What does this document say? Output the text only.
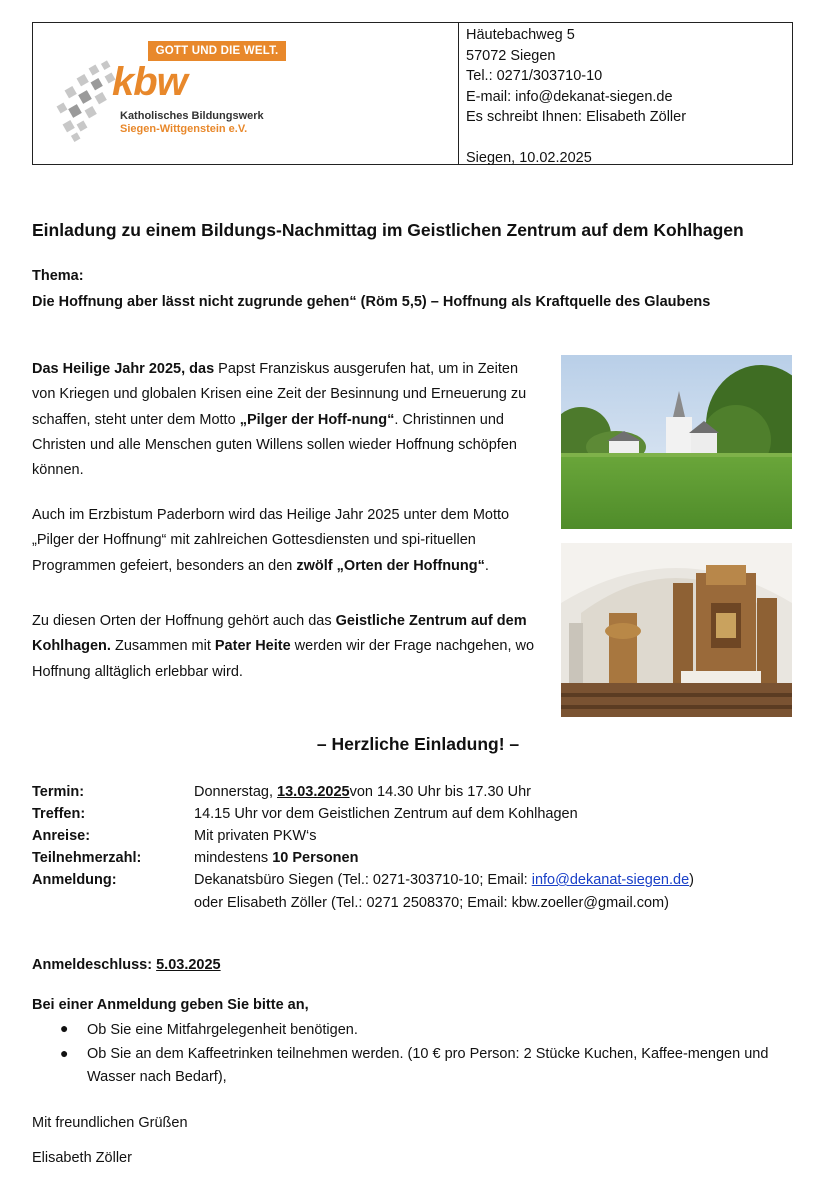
GOTT UND DIE WELT.
kbw
Katholisches Bildungswerk
Siegen-Wittgenstein e.V.
Häutebachweg 5
57072 Siegen
Tel.: 0271/303710-10
E-mail: info@dekanat-siegen.de
Es schreibt Ihnen: Elisabeth Zöller
Siegen, 10.02.2025
Einladung zu einem Bildungs-Nachmittag im Geistlichen Zentrum auf dem Kohlhagen
Thema:
Die Hoffnung aber lässt nicht zugrunde gehen“ (Röm 5,5) – Hoffnung als Kraftquelle des Glaubens
Das Heilige Jahr 2025, das Papst Franziskus ausgerufen hat, um in Zeiten von Kriegen und globalen Krisen eine Zeit der Besinnung und Erneuerung zu schaffen, steht unter dem Motto „Pilger der Hoff-nung“. Christinnen und Christen und alle Menschen guten Willens sollen wieder Hoffnung schöpfen können.
Auch im Erzbistum Paderborn wird das Heilige Jahr 2025 unter dem Motto „Pilger der Hoffnung“ mit zahlreichen Gottesdiensten und spi-rituellen Programmen gefeiert, besonders an den zwölf „Orten der Hoffnung“.
Zu diesen Orten der Hoffnung gehört auch das Geistliche Zentrum auf dem Kohlhagen. Zusammen mit Pater Heite werden wir der Frage nachgehen, wo Hoffnung alltäglich erlebbar wird.
– Herzliche Einladung! –
Termin:	Donnerstag, 13.03.2025von 14.30 Uhr bis 17.30 Uhr
Treffen:	14.15 Uhr vor dem Geistlichen Zentrum auf dem Kohlhagen
Anreise:	Mit privaten PKW‘s
Teilnehmerzahl:	mindestens 10 Personen
Anmeldung:	Dekanatsbüro Siegen (Tel.: 0271-303710-10; Email: info@dekanat-siegen.de)
oder Elisabeth Zöller (Tel.: 0271 2508370; Email: kbw.zoeller@gmail.com)
Anmeldeschluss: 5.03.2025
Bei einer Anmeldung geben Sie bitte an,
● Ob Sie eine Mitfahrgelegenheit benötigen.
● Ob Sie an dem Kaffeetrinken teilnehmen werden. (10 € pro Person: 2 Stücke Kuchen, Kaffee-mengen und Wasser nach Bedarf),
Mit freundlichen Grüßen
Elisabeth Zöller
